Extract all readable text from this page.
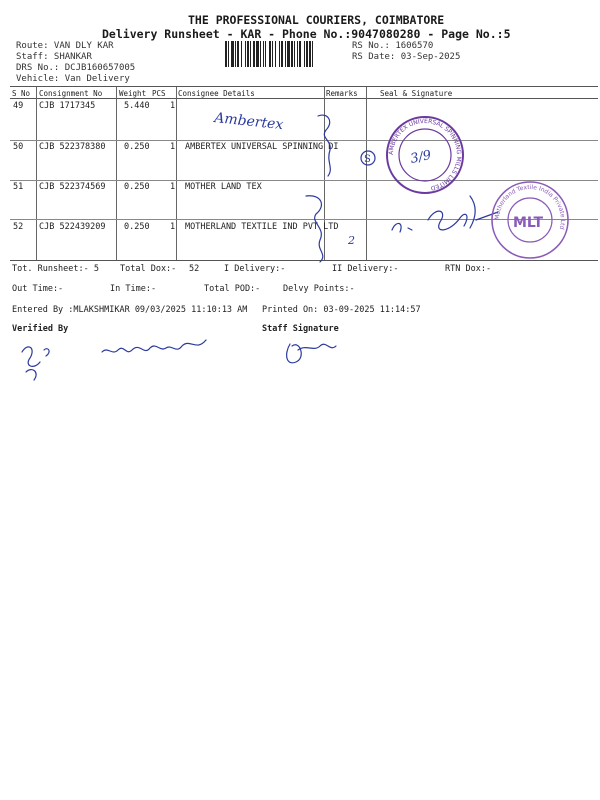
THE PROFESSIONAL COURIERS, COIMBATORE
Delivery Runsheet - KAR - Phone No.:9047080280 - Page No.:5
Route: VAN DLY KAR
Staff: SHANKAR
DRS No.: DCJB160657005
Vehicle: Van Delivery
RS No.: 1606570
RS Date: 03-Sep-2025
S No Consignment No Weight PCS Consignee Details	Remarks	Seal & Signature
49 CJB 1717345	5.440 1
50 CJB 522378380 0.250 1 AMBERTEX UNIVERSAL SPINNING DI
51 CJB 522374569 0.250 1 MOTHER LAND TEX
52 CJB 522439209 0.250 1 MOTHERLAND TEXTILE IND PVT LTD
Amberteх
2
S
AMBERTEX UNIVERSAL SPINNING MILLS LIMITED
3/9
Motherland Textile India Private Ltd
MLT
Tot. Runsheet:- 5 Total Dox:- 52	I Delivery:-	II Delivery:-	RTN Dox:-
Out Time:-	In Time:-	Total POD:-	Delvy Points:-
Entered By :MLAKSHMIKAR 09/03/2025 11:10:13 AM Printed On: 03-09-2025 11:14:57
Verified By	Staff Signature
